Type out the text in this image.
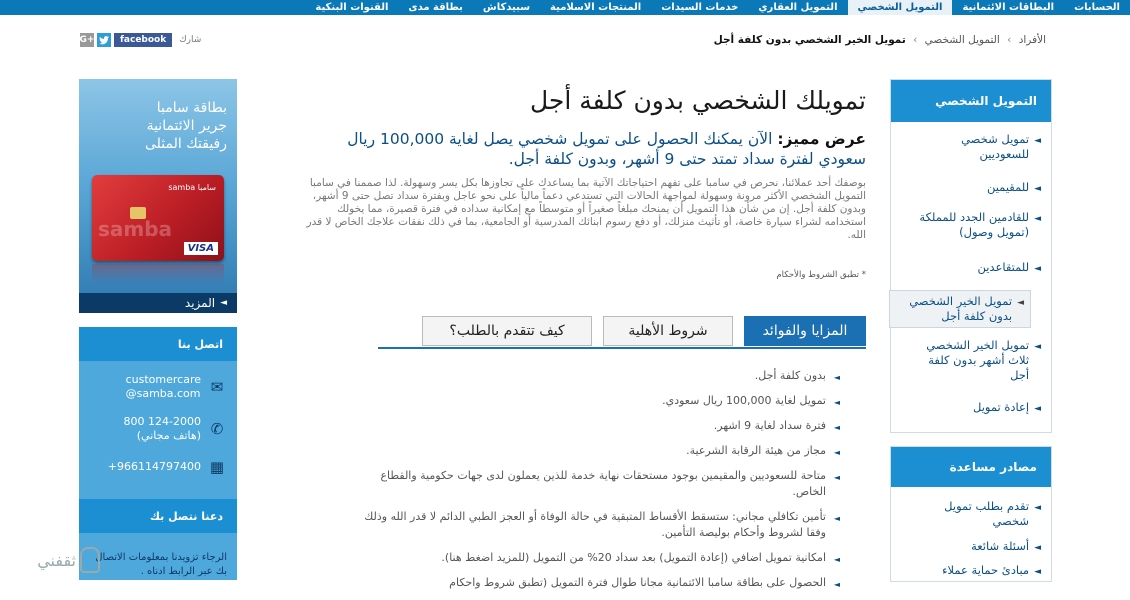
الحسابات
البطاقات الائتمانية
التمويل الشخصي
التمويل العقاري
خدمات السيدات
المنتجات الاسلامية
سبيدكاش
بطاقة مدى
القنوات البنكية
الأفراد › التمويل الشخصي › تمويل الخير الشخصي بدون كلفة أجل
G+	facebook	شارك
التمويل الشخصي
◄
تمويل شخصي للسعوديين
◄
للمقيمين
◄
للقادمين الجدد للمملكة (تمويل وصول)
◄
للمتقاعدين
◄
تمويل الخير الشخصي بدون كلفة أجل
◄
تمويل الخير الشخصي ثلاث أشهر بدون كلفة أجل
◄
إعادة تمويل
مصادر مساعدة
◄
تقدم بطلب تمويل شخصي
◄
أسئلة شائعة
◄
مبادئ حماية عملاء
بطاقة سامبا
جرير الائتمانية
رفيقتك المثلى
سامبا samba
samba
VISA
◄
المزيد
اتصل بنا
✉
customercare
@samba.com
✆
800 124-2000
(هاتف مجاني)
▦
+966114797400
دعنا نتصل بك
الرجاء تزويدنا بمعلومات الاتصال بك عبر الرابط ادناه .
تمويلك الشخصي بدون كلفة أجل
عرض مميز: الآن يمكنك الحصول على تمويل شخصي يصل لغاية 100,000 ريال سعودي لفترة سداد تمتد حتى 9 أشهر، وبدون كلفة أجل.
بوصفك أحد عملائنا، نحرص في سامبا على تفهم احتياجاتك الآتية بما يساعدك على تجاوزها بكل يسر وسهولة. لذا صممنا في سامبا التمويل الشخصي الأكثر مرونة وسهولة لمواجهة الحالات التي تستدعي دعماً مالياً على نحو عاجل وبفترة سداد تصل حتى 9 أشهر، وبدون كلفة أجل. إن من شأن هذا التمويل أن يمنحك مبلغاً صغيراً أو متوسطاً مع إمكانية سداده في فترة قصيرة، مما يخولك استخدامه لشراء سيارة خاصة، أو تأثيث منزلك، أو دفع رسوم ابنائك المدرسية أو الجامعية، بما في ذلك نفقات علاجك الخاص لا قدر الله.
* تطبق الشروط والأحكام
المزايا والفوائد
شروط الأهلية
كيف تتقدم بالطلب؟
◄
بدون كلفة أجل.
◄
تمويل لغاية 100,000 ريال سعودي.
◄
فترة سداد لغاية 9 اشهر.
◄
مجاز من هيئة الرقابة الشرعية.
◄
متاحة للسعوديين والمقيمين بوجود مستحقات نهاية خدمة للذين يعملون لدى جهات حكومية والقطاع الخاص.
◄
تأمين تكافلي مجاني: ستسقط الأقساط المتبقية في حالة الوفاة أو العجز الطبي الدائم لا قدر الله وذلك وفقا لشروط وأحكام بوليصة التأمين.
◄
امكانية تمويل اضافي (إعادة التمويل) بعد سداد 20% من التمويل (للمزيد اضغط هنا).
◄
الحصول على بطاقة سامبا الائتمانية مجانا طوال فترة التمويل (تطبق شروط واحكام
ثقفني
